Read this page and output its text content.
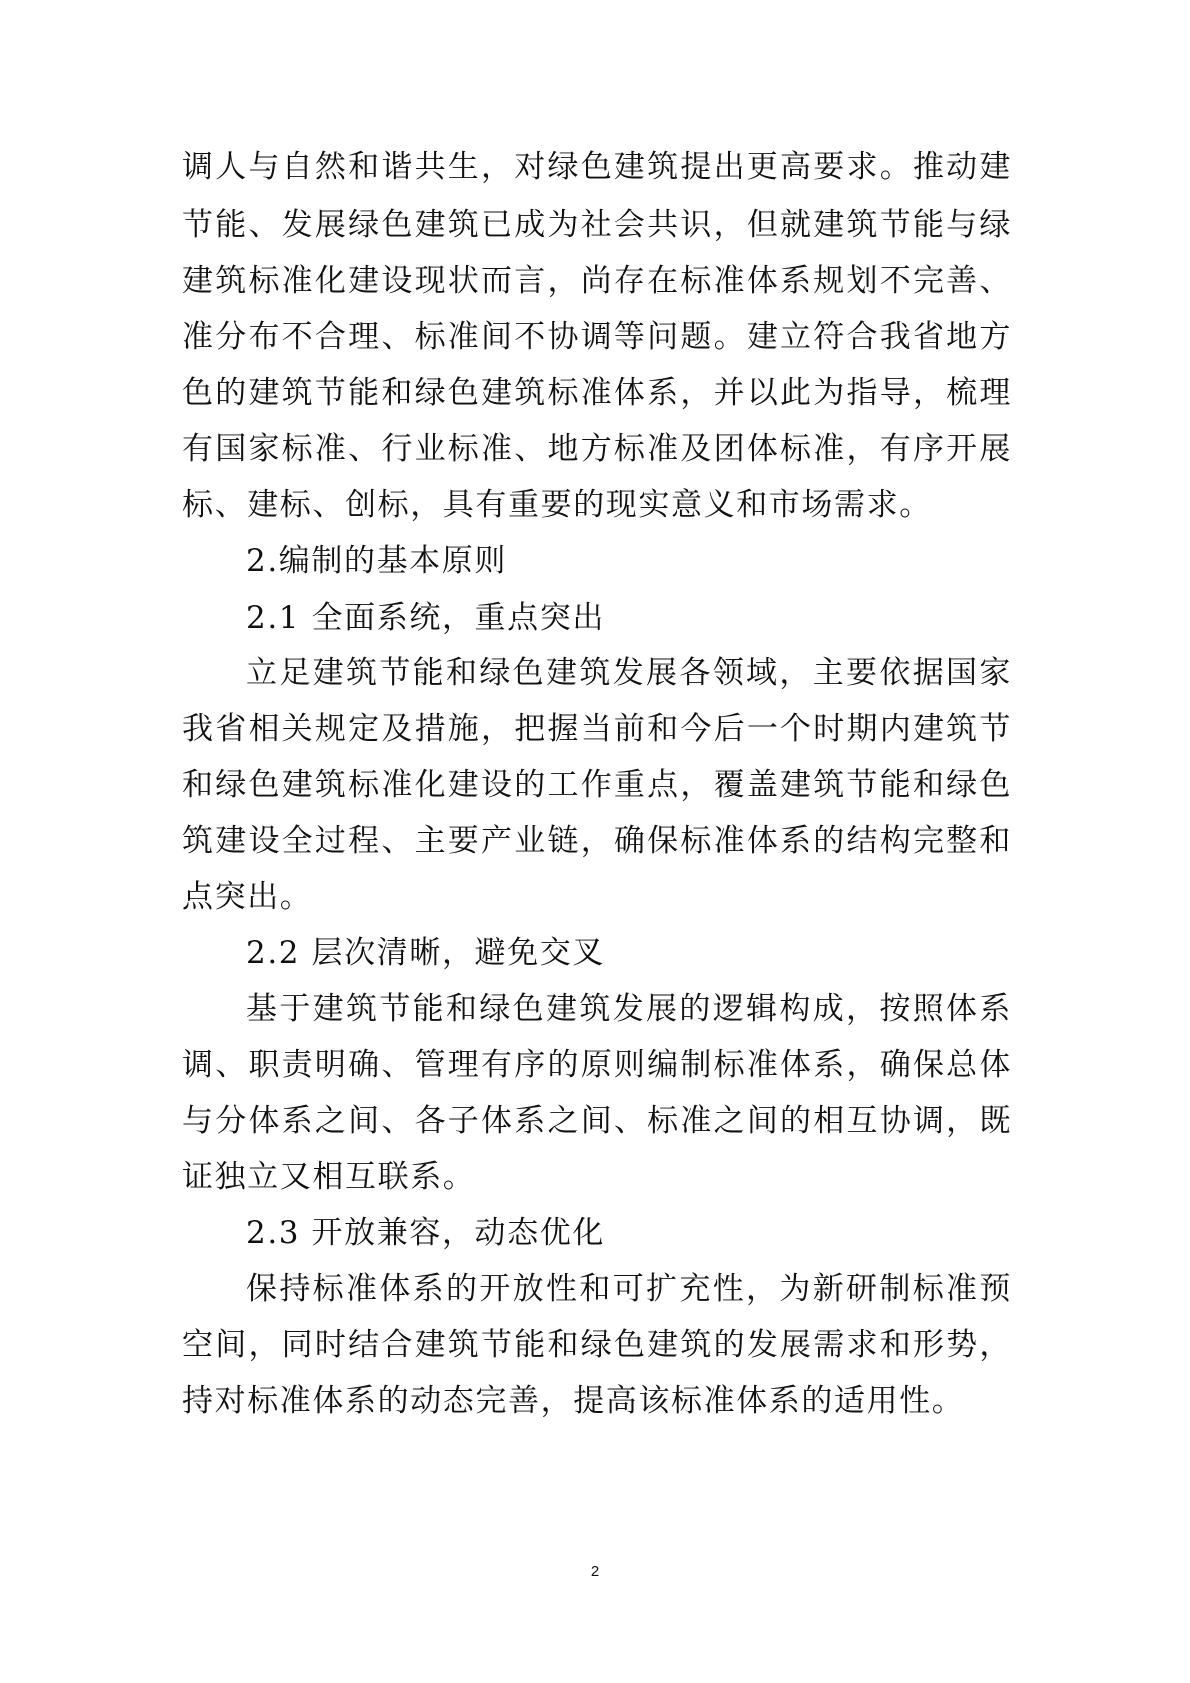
调人与自然和谐共生，对绿色建筑提出更高要求。推动建
节能、发展绿色建筑已成为社会共识，但就建筑节能与绿
建筑标准化建设现状而言，尚存在标准体系规划不完善、
准分布不合理、标准间不协调等问题。建立符合我省地方
色的建筑节能和绿色建筑标准体系，并以此为指导，梳理
有国家标准、行业标准、地方标准及团体标准，有序开展
标、建标、创标，具有重要的现实意义和市场需求。
2.编制的基本原则
2.1 全面系统，重点突出
立足建筑节能和绿色建筑发展各领域，主要依据国家
我省相关规定及措施，把握当前和今后一个时期内建筑节
和绿色建筑标准化建设的工作重点，覆盖建筑节能和绿色
筑建设全过程、主要产业链，确保标准体系的结构完整和
点突出。
2.2 层次清晰，避免交叉
基于建筑节能和绿色建筑发展的逻辑构成，按照体系
调、职责明确、管理有序的原则编制标准体系，确保总体
与分体系之间、各子体系之间、标准之间的相互协调，既
证独立又相互联系。
2.3 开放兼容，动态优化
保持标准体系的开放性和可扩充性，为新研制标准预
空间，同时结合建筑节能和绿色建筑的发展需求和形势，
持对标准体系的动态完善，提高该标准体系的适用性。
2
